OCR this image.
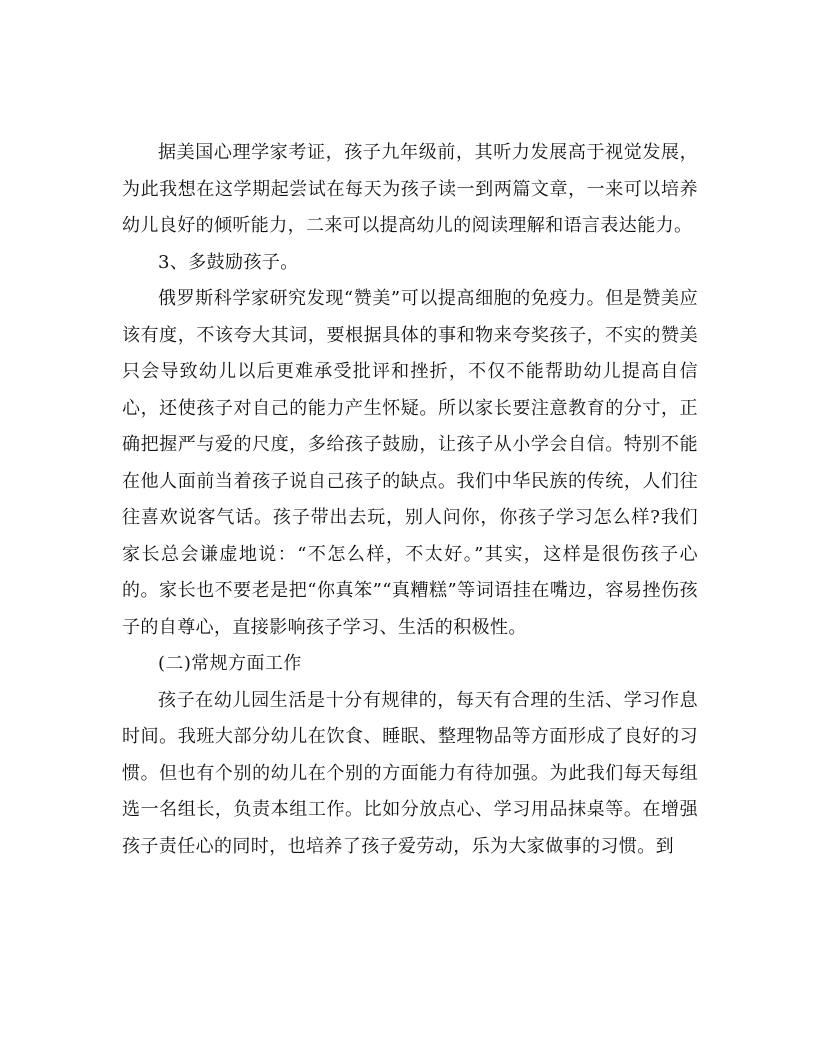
据美国心理学家考证，孩子九年级前，其听力发展高于视觉发展，为此我想在这学期起尝试在每天为孩子读一到两篇文章，一来可以培养幼儿良好的倾听能力，二来可以提高幼儿的阅读理解和语言表达能力。

3、多鼓励孩子。

俄罗斯科学家研究发现“赞美”可以提高细胞的免疫力。但是赞美应该有度，不该夸大其词，要根据具体的事和物来夸奖孩子，不实的赞美只会导致幼儿以后更难承受批评和挫折，不仅不能帮助幼儿提高自信心，还使孩子对自己的能力产生怀疑。所以家长要注意教育的分寸，正确把握严与爱的尺度，多给孩子鼓励，让孩子从小学会自信。特别不能在他人面前当着孩子说自己孩子的缺点。我们中华民族的传统，人们往往喜欢说客气话。孩子带出去玩，别人问你，你孩子学习怎么样?我们家长总会谦虚地说：“不怎么样，不太好。”其实，这样是很伤孩子心的。家长也不要老是把“你真笨”“真糟糕”等词语挂在嘴边，容易挫伤孩子的自尊心，直接影响孩子学习、生活的积极性。

(二)常规方面工作

孩子在幼儿园生活是十分有规律的，每天有合理的生活、学习作息时间。我班大部分幼儿在饮食、睡眠、整理物品等方面形成了良好的习惯。但也有个别的幼儿在个别的方面能力有待加强。为此我们每天每组选一名组长，负责本组工作。比如分放点心、学习用品抹桌等。在增强孩子责任心的同时，也培养了孩子爱劳动，乐为大家做事的习惯。到
